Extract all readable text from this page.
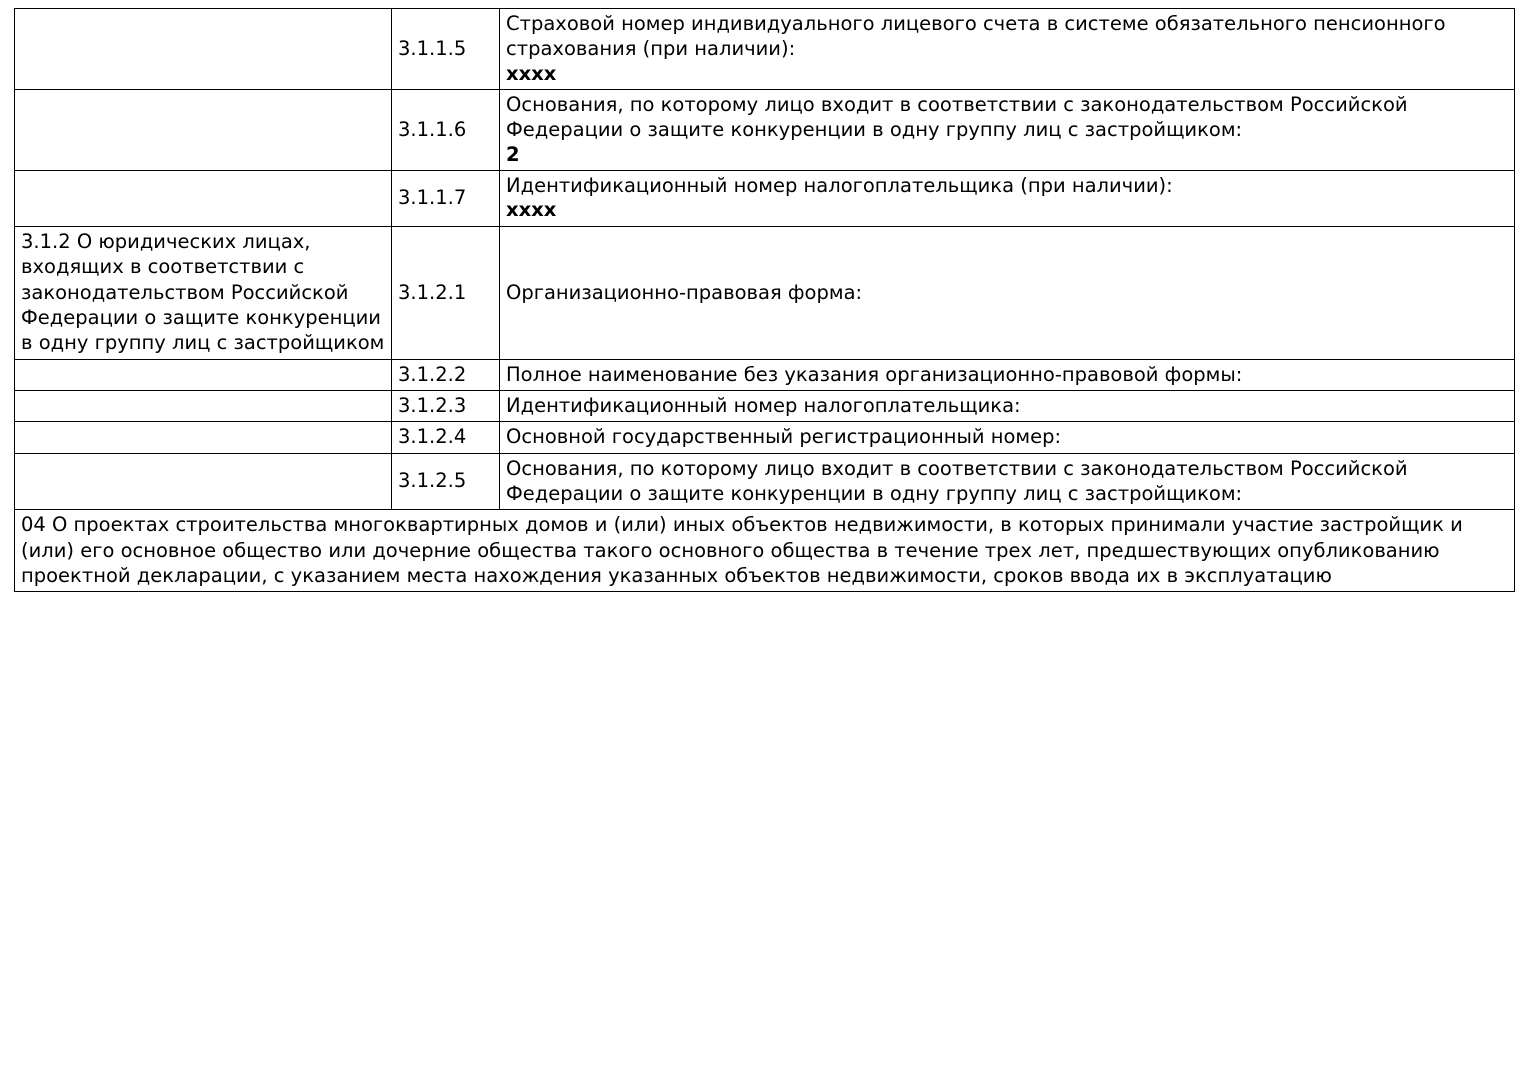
	3.1.1.5	Страховой номер индивидуального лицевого счета в системе обязательного пенсионного страхования (при наличии):
xxxx

	3.1.1.6	Основания, по которому лицо входит в соответствии с законодательством Российской Федерации о защите конкуренции в одну группу лиц с застройщиком:
2

	3.1.1.7	Идентификационный номер налогоплательщика (при наличии):
xxxx

3.1.2 О юридических лицах, входящих в соответствии с законодательством Российской Федерации о защите конкуренции в одну группу лиц с застройщиком	3.1.2.1	Организационно-правовая форма:

	3.1.2.2	Полное наименование без указания организационно-правовой формы:

	3.1.2.3	Идентификационный номер налогоплательщика:

	3.1.2.4	Основной государственный регистрационный номер:

	3.1.2.5	Основания, по которому лицо входит в соответствии с законодательством Российской Федерации о защите конкуренции в одну группу лиц с застройщиком:

04 О проектах строительства многоквартирных домов и (или) иных объектов недвижимости, в которых принимали участие застройщик и (или) его основное общество или дочерние общества такого основного общества в течение трех лет, предшествующих опубликованию проектной декларации, с указанием места нахождения указанных объектов недвижимости, сроков ввода их в эксплуатацию		
